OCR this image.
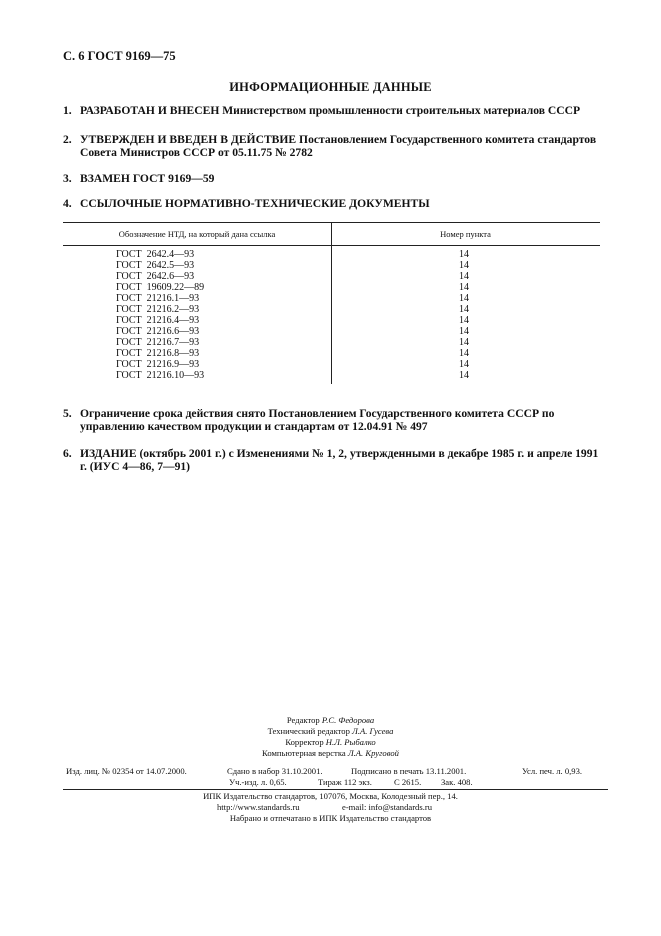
С. 6 ГОСТ 9169—75
ИНФОРМАЦИОННЫЕ ДАННЫЕ
1. РАЗРАБОТАН И ВНЕСЕН Министерством промышленности строительных материалов СССР
2. УТВЕРЖДЕН И ВВЕДЕН В ДЕЙСТВИЕ Постановлением Государственного комитета стандартов Совета Министров СССР от 05.11.75 № 2782
3. ВЗАМЕН ГОСТ 9169—59
4. ССЫЛОЧНЫЕ НОРМАТИВНО-ТЕХНИЧЕСКИЕ ДОКУМЕНТЫ
Обозначение НТД, на который дана ссылка	Номер пункта
ГОСТ  2642.4—93	14
ГОСТ  2642.5—93	14
ГОСТ  2642.6—93	14
ГОСТ  19609.22—89	14
ГОСТ  21216.1—93	14
ГОСТ  21216.2—93	14
ГОСТ  21216.4—93	14
ГОСТ  21216.6—93	14
ГОСТ  21216.7—93	14
ГОСТ  21216.8—93	14
ГОСТ  21216.9—93	14
ГОСТ  21216.10—93	14
5. Ограничение срока действия снято Постановлением Государственного комитета СССР по управлению качеством продукции и стандартам от 12.04.91 № 497
6. ИЗДАНИЕ (октябрь 2001 г.) с Изменениями № 1, 2, утвержденными в декабре 1985 г. и апреле 1991 г. (ИУС 4—86, 7—91)
Редактор Р.С. Федорова
Технический редактор Л.А. Гусева
Корректор Н.Л. Рыбалко
Компьютерная верстка Л.А. Круговой
Изд. лиц. № 02354 от 14.07.2000.	Сдано в набор 31.10.2001.	Подписано в печать 13.11.2001.	Усл. печ. л. 0,93.
Уч.-изд. л. 0,65.	Тираж 112 экз.	С 2615. Зак. 408.
ИПК Издательство стандартов, 107076, Москва, Колодезный пер., 14.
http://www.standards.ru	e-mail: info@standards.ru
Набрано и отпечатано в ИПК Издательство стандартов
